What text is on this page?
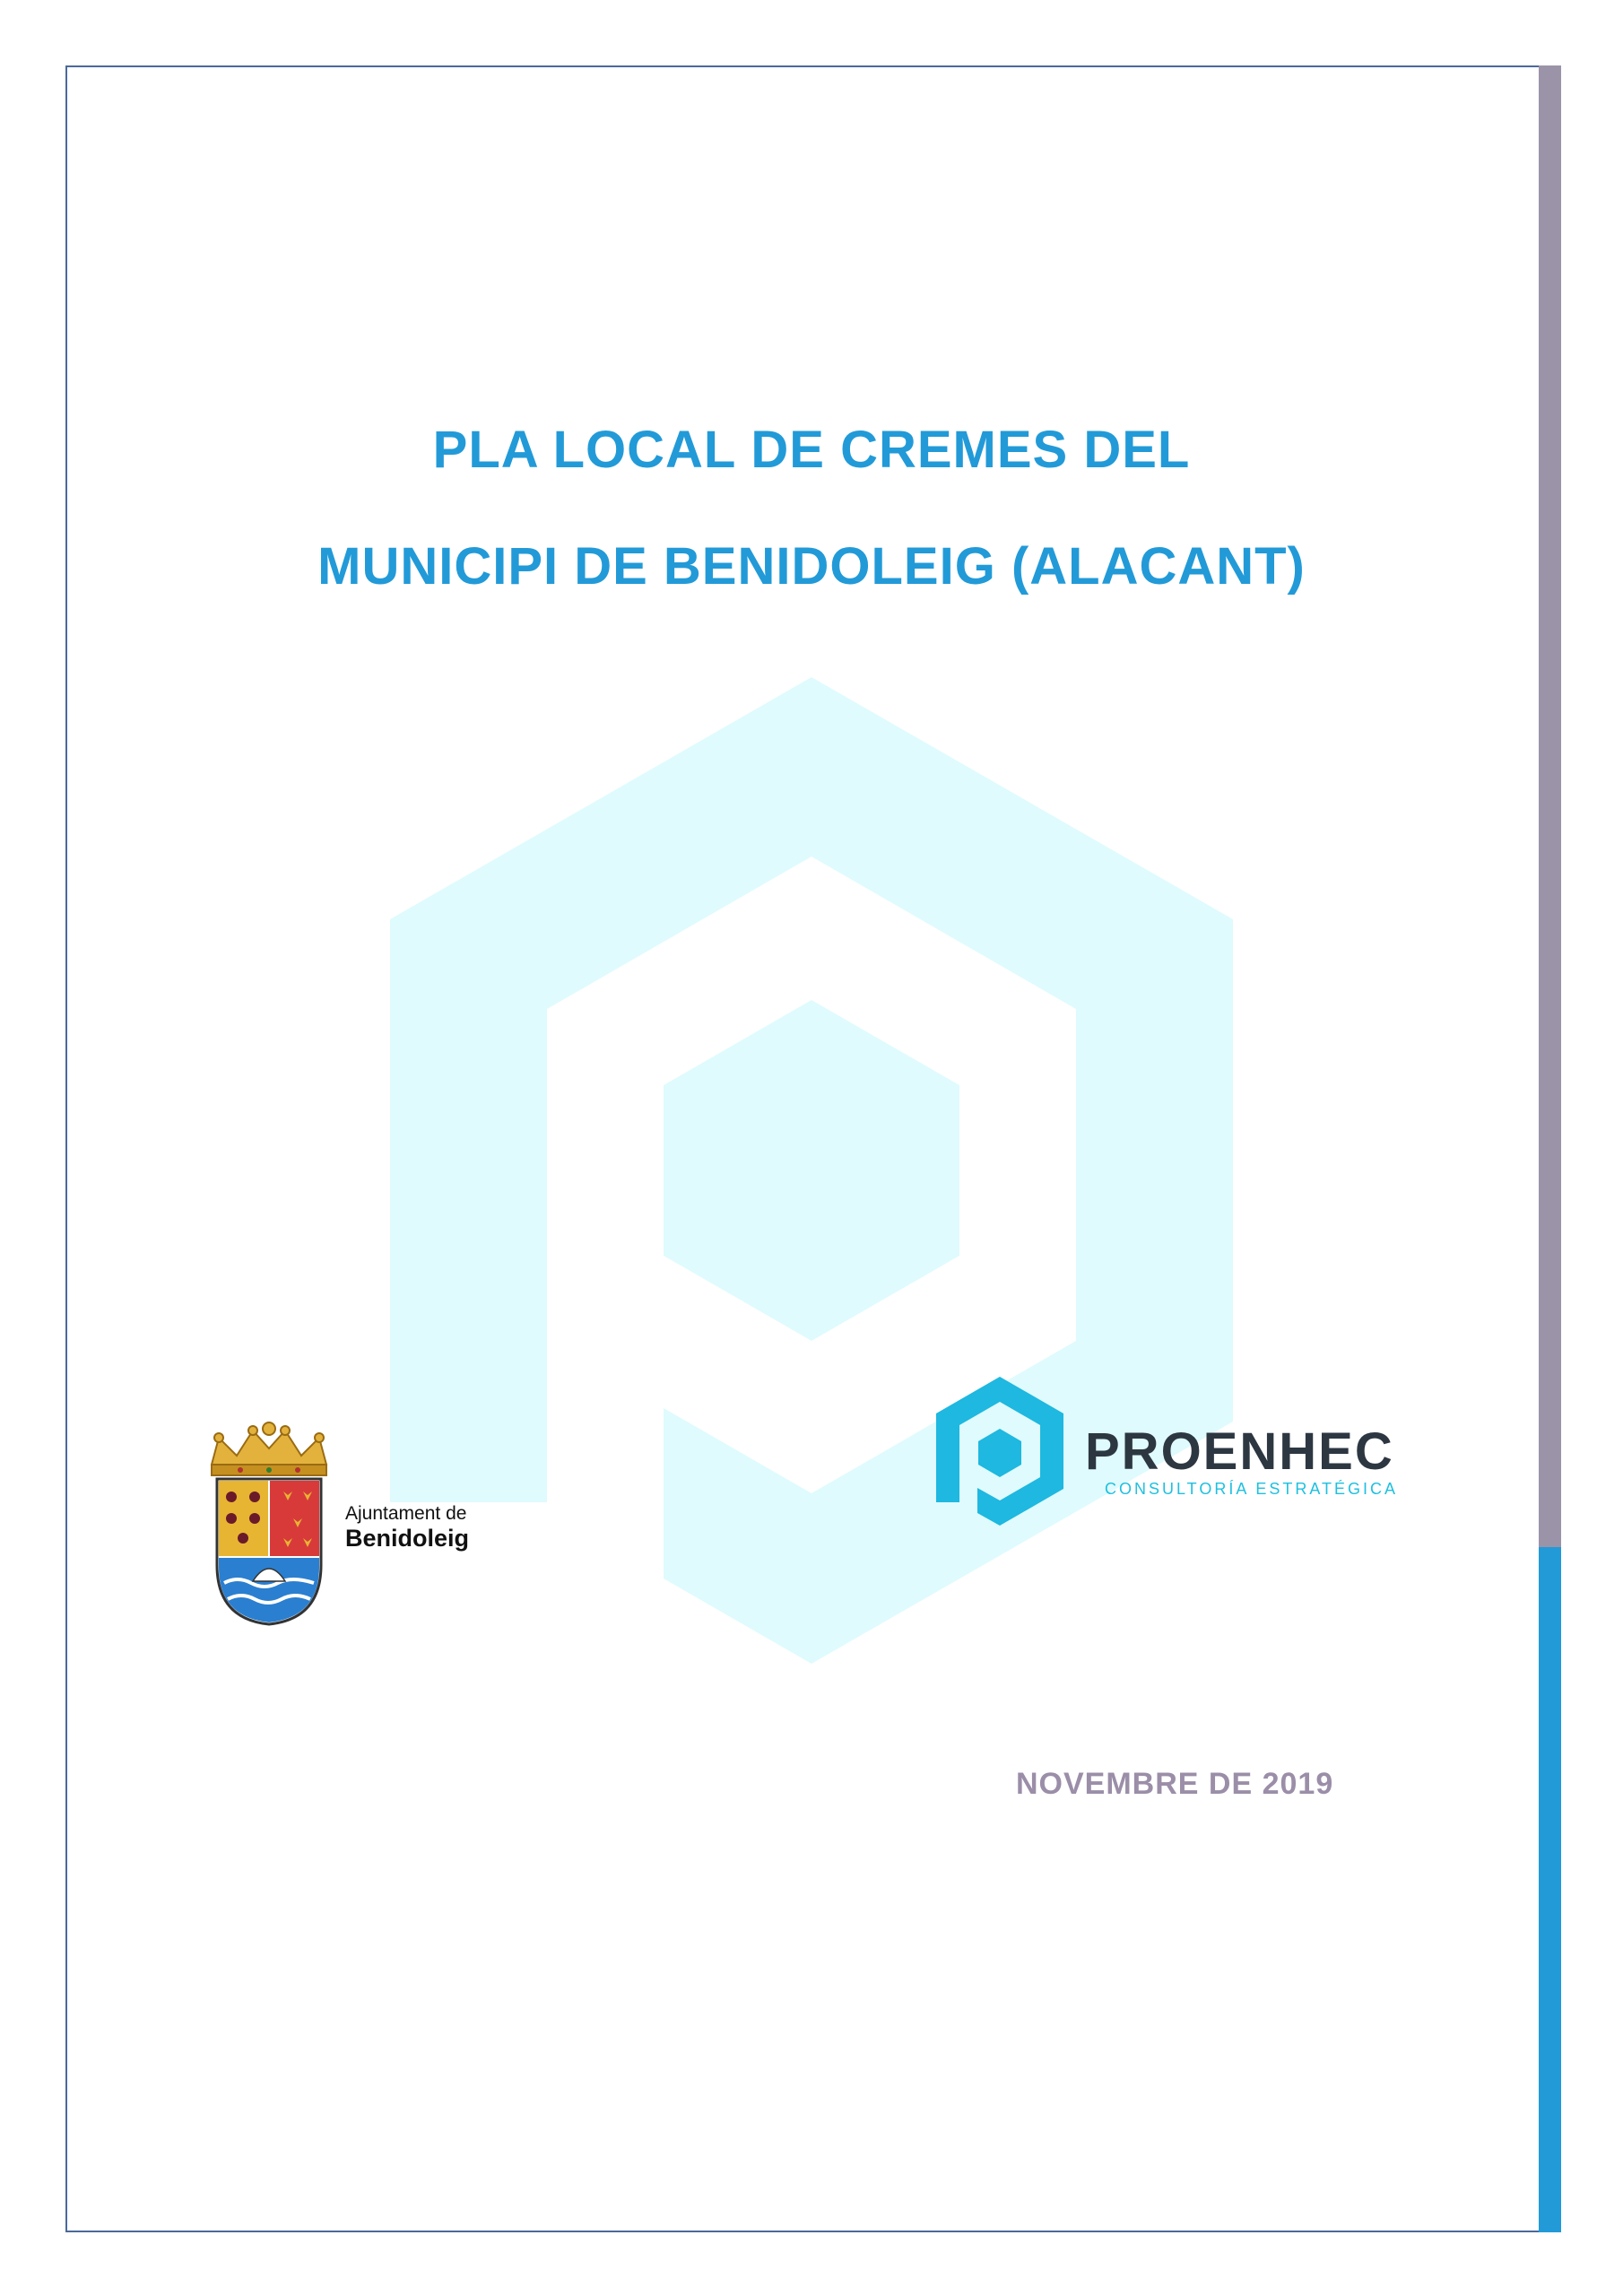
PLA LOCAL DE CREMES DEL
MUNICIPI DE BENIDOLEIG (ALACANT)
Ajuntament de
Benidoleig
PROENHEC
CONSULTORÍA ESTRATÉGICA
NOVEMBRE DE 2019
